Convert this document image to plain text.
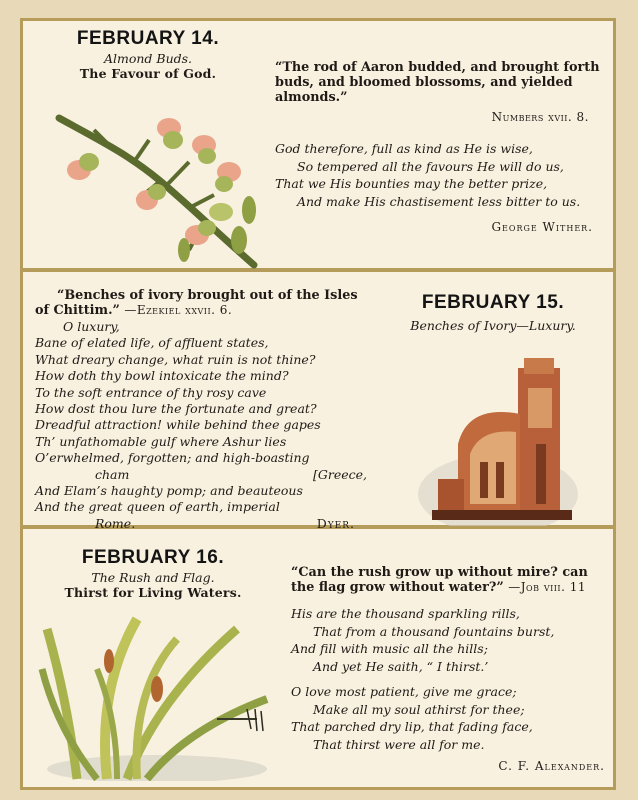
FEBRUARY 14.
Almond Buds.
The Favour of God.	“The rod of Aaron budded, and brought forth buds, and bloomed blossoms, and yielded almonds.”
Numbers xvii. 8.
God therefore, full as kind as He is wise,
So tempered all the favours He will do us,
That we His bounties may the better prize,
And make His chastisement less bitter to us.
George Wither.
“Benches of ivory brought out of the Isles
of Chittim.” —Ezekiel xxvii. 6.
O luxury,
Bane of elated life, of affluent states,
What dreary change, what ruin is not thine?
How doth thy bowl intoxicate the mind?
To the soft entrance of thy rosy cave
How dost thou lure the fortunate and great?
Dreadful attraction! while behind thee gapes
Th’ unfathomable gulf where Ashur lies
O’erwhelmed, forgotten; and high-boasting
cham	[Greece,
And Elam’s haughty pomp; and beauteous
And the great queen of earth, imperial
Rome.	Dyer.
FEBRUARY 15.
Benches of Ivory—Luxury.
FEBRUARY 16.
The Rush and Flag.
Thirst for Living Waters.
“Can the rush grow up without mire? can the flag grow without water?” —Job viii. 11
His are the thousand sparkling rills,
That from a thousand fountains burst,
And fill with music all the hills;
And yet He saith, “ I thirst.’
O love most patient, give me grace;
Make all my soul athirst for thee;
That parched dry lip, that fading face,
That thirst were all for me.
C. F. Alexander.
